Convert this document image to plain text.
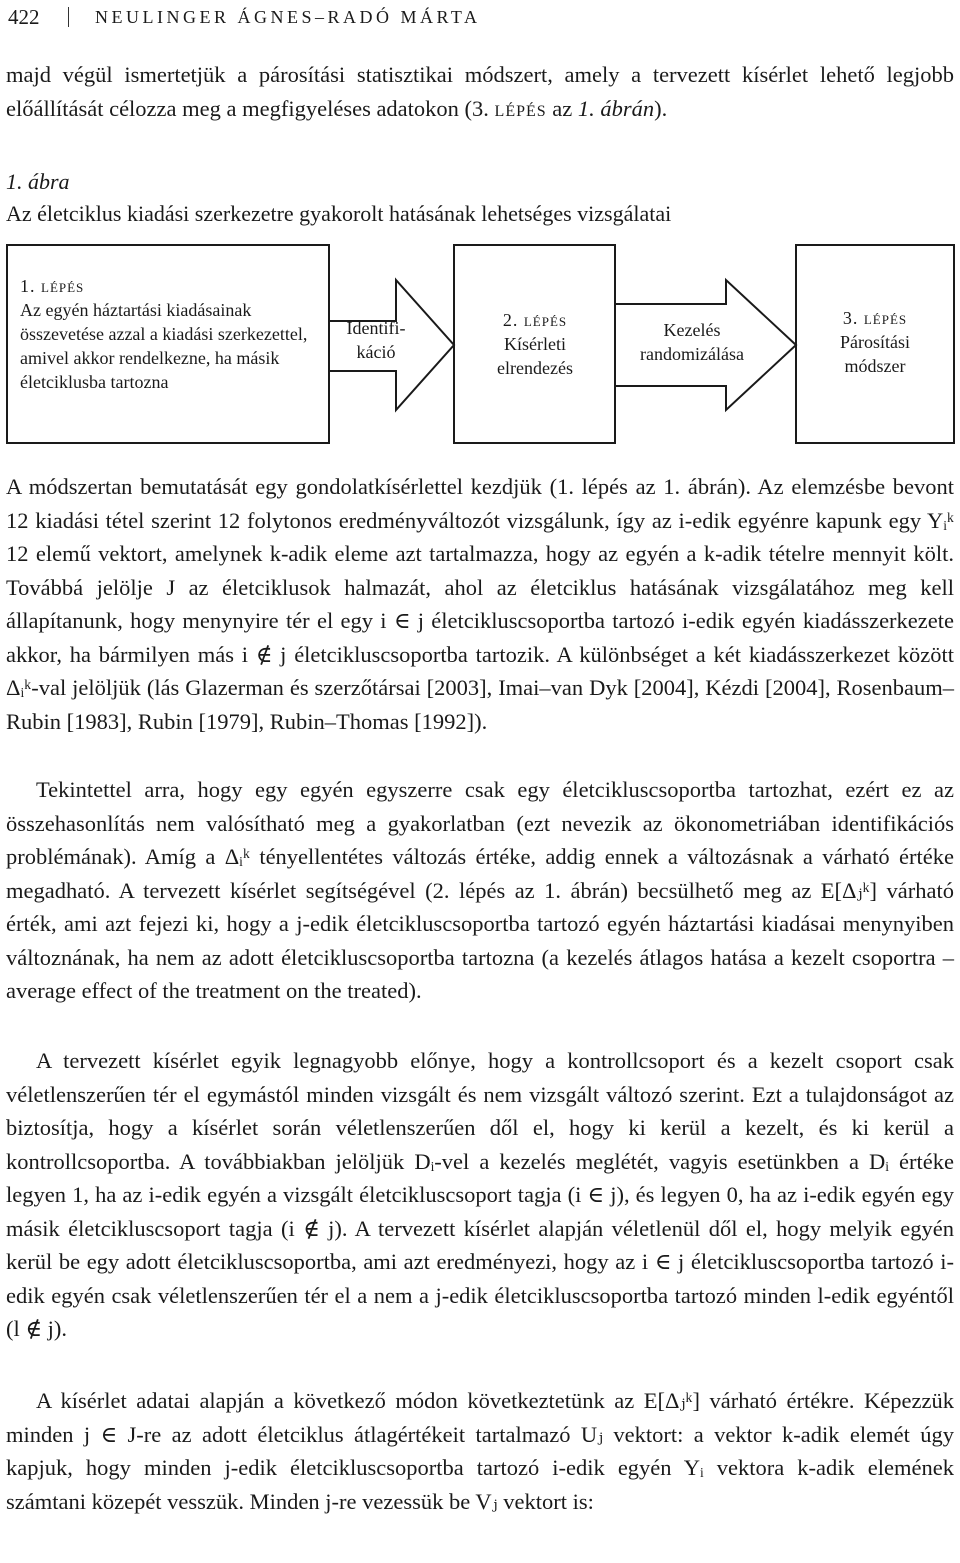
422	NEULINGER ÁGNES–RADÓ MÁRTA
majd végül ismertetjük a párosítási statisztikai módszert, amely a tervezett kísérlet lehető legjobb előállítását célozza meg a megfigyeléses adatokon (3. lépés az 1. ábrán).
1. ábra
Az életciklus kiadási szerkezetre gyakorolt hatásának lehetséges vizsgálatai
1. lépés
Az egyén háztartási kiadásainak összevetése azzal a kiadási szerkezettel, amivel akkor rendelkezne, ha másik életciklusba tartozna
Identifi-
káció
2. lépés
Kísérleti elrendezés
Kezelés randomizálása
3. lépés
Párosítási módszer
A módszertan bemutatását egy gondolatkísérlettel kezdjük (1. lépés az 1. ábrán). Az elemzésbe bevont 12 kiadási tétel szerint 12 folytonos eredményváltozót vizsgálunk, így az i-edik egyénre kapunk egy Yᵢᵏ 12 elemű vektort, amelynek k-adik eleme azt tartalmazza, hogy az egyén a k-adik tételre mennyit költ. Továbbá jelölje J az életciklusok halmazát, ahol az életciklus hatásának vizsgálatához meg kell állapítanunk, hogy menynyire tér el egy i ∈ j életcikluscsoportba tartozó i-edik egyén kiadásszerkezete akkor, ha bármilyen más i ∉ j életcikluscsoportba tartozik. A különbséget a két kiadásszerkezet között Δᵢᵏ-val jelöljük (lás Glazerman és szerzőtársai [2003], Imai–van Dyk [2004], Kézdi [2004], Rosenbaum–Rubin [1983], Rubin [1979], Rubin–Thomas [1992]).
Tekintettel arra, hogy egy egyén egyszerre csak egy életcikluscsoportba tartozhat, ezért ez az összehasonlítás nem valósítható meg a gyakorlatban (ezt nevezik az ökonometriában identifikációs problémának). Amíg a Δᵢᵏ tényellentétes változás értéke, addig ennek a változásnak a várható értéke megadható. A tervezett kísérlet segítségével (2. lépés az 1. ábrán) becsülhető meg az E[Δⱼᵏ] várható érték, ami azt fejezi ki, hogy a j-edik életcikluscsoportba tartozó egyén háztartási kiadásai menynyiben változnának, ha nem az adott életcikluscsoportba tartozna (a kezelés átlagos hatása a kezelt csoportra – average effect of the treatment on the treated).
A tervezett kísérlet egyik legnagyobb előnye, hogy a kontrollcsoport és a kezelt csoport csak véletlenszerűen tér el egymástól minden vizsgált és nem vizsgált változó szerint. Ezt a tulajdonságot az biztosítja, hogy a kísérlet során véletlenszerűen dől el, hogy ki kerül a kezelt, és ki kerül a kontrollcsoportba. A továbbiakban jelöljük Dᵢ-vel a kezelés meglétét, vagyis esetünkben a Dᵢ értéke legyen 1, ha az i-edik egyén a vizsgált életcikluscsoport tagja (i ∈ j), és legyen 0, ha az i-edik egyén egy másik életcikluscsoport tagja (i ∉ j). A tervezett kísérlet alapján véletlenül dől el, hogy melyik egyén kerül be egy adott életcikluscsoportba, ami azt eredményezi, hogy az i ∈ j életcikluscsoportba tartozó i-edik egyén csak véletlenszerűen tér el a nem a j-edik életcikluscsoportba tartozó minden l-edik egyéntől (l ∉ j).
A kísérlet adatai alapján a következő módon következtetünk az E[Δⱼᵏ] várható értékre. Képezzük minden j ∈ J-re az adott életciklus átlagértékeit tartalmazó Uⱼ vektort: a vektor k-adik elemét úgy kapjuk, hogy minden j-edik életcikluscsoportba tartozó i-edik egyén Yᵢ vektora k-adik elemének számtani közepét vesszük. Minden j-re vezessük be Vⱼ vektort is:
